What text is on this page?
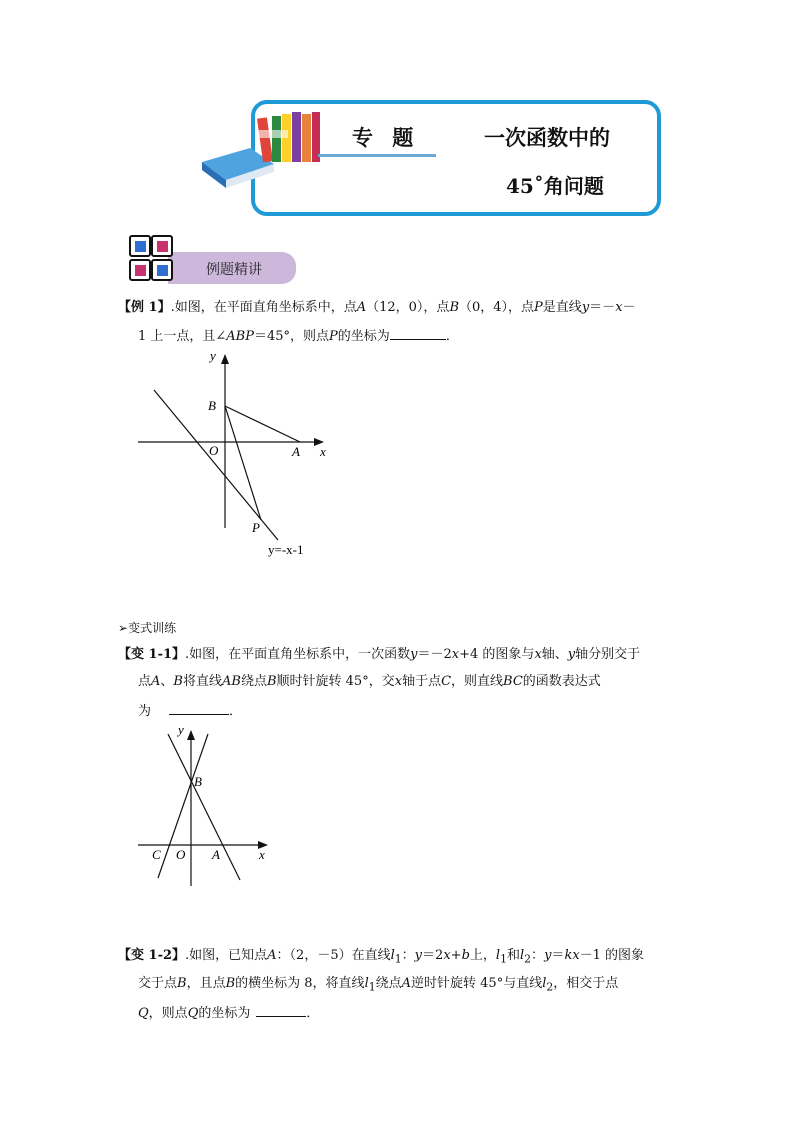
专 题	一次函数中的
45˚角问题
例题精讲
【例 1】.如图，在平面直角坐标系中，点A（12，0），点B（0，4），点P是直线y＝－x－
1 上一点，且∠ABP＝45°，则点P的坐标为	．
y
x
B
O	A
P
y=-x-1
➢变式训练
【变 1-1】.如图，在平面直角坐标系中，一次函数y＝－2x+4 的图象与x轴、y轴分别交于
点A、B将直线AB绕点B顺时针旋转 45°，交x轴于点C，则直线BC的函数表达式
为	．
y
x
B
C O A
【变 1-2】.如图，已知点A：（2，－5）在直线$l_1$：y＝2x+b上，$l_1$和$l_2$：y＝kx－1 的图象
交于点B，且点B的横坐标为 8，将直线$l_1$绕点A逆时针旋转 45°与直线$l_2$，相交于点
Q，则点Q的坐标为	．
